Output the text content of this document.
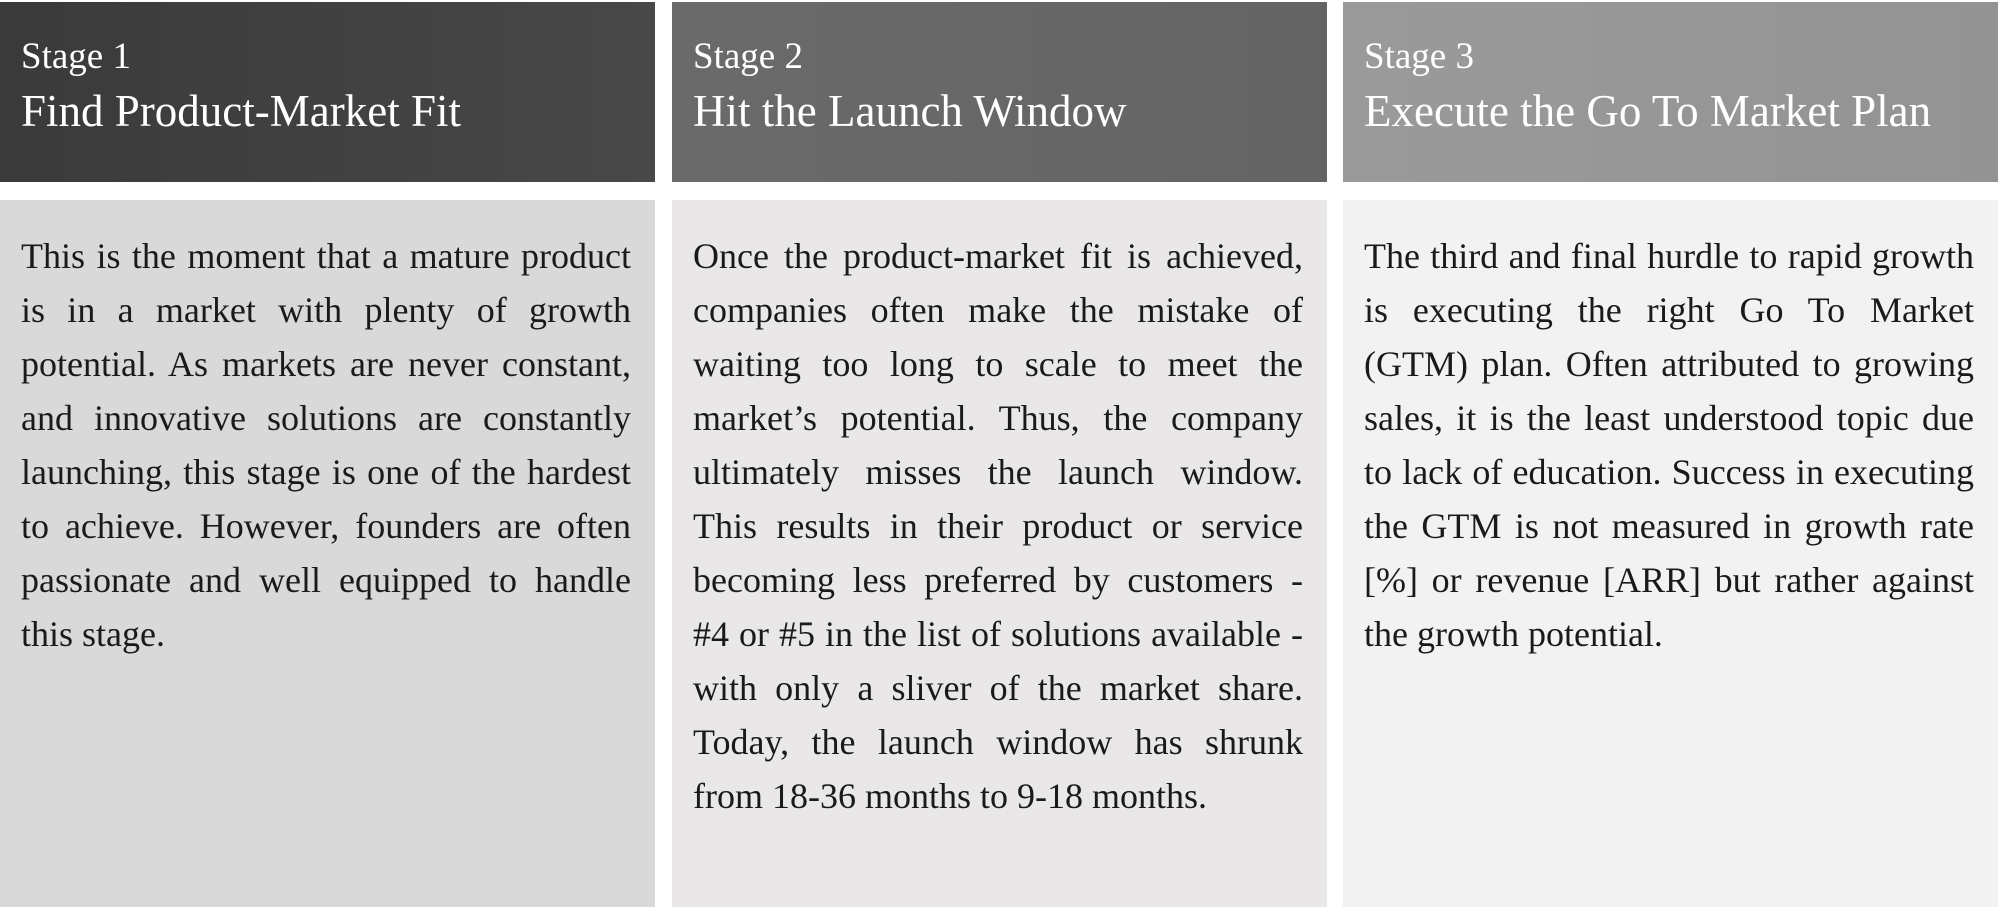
Stage 1
Find Product-Market Fit

This is the moment that a mature product is in a market with plenty of growth potential. As markets are never constant, and innovative solutions are constantly launching, this stage is one of the hardest to achieve. However, founders are often passionate and well equipped to handle this stage.

Stage 2
Hit the Launch Window

Once the product-market fit is achieved, companies often make the mistake of waiting too long to scale to meet the market’s potential. Thus, the company ultimately misses the launch window. This results in their product or service becoming less preferred by customers - #4 or #5 in the list of solutions available - with only a sliver of the market share. Today, the launch window has shrunk from 18-36 months to 9-18 months.

Stage 3
Execute the Go To Market Plan

The third and final hurdle to rapid growth is executing the right Go To Market (GTM) plan. Often attributed to growing sales, it is the least understood topic due to lack of education. Success in executing the GTM is not measured in growth rate [%] or revenue [ARR] but rather against the growth potential.
